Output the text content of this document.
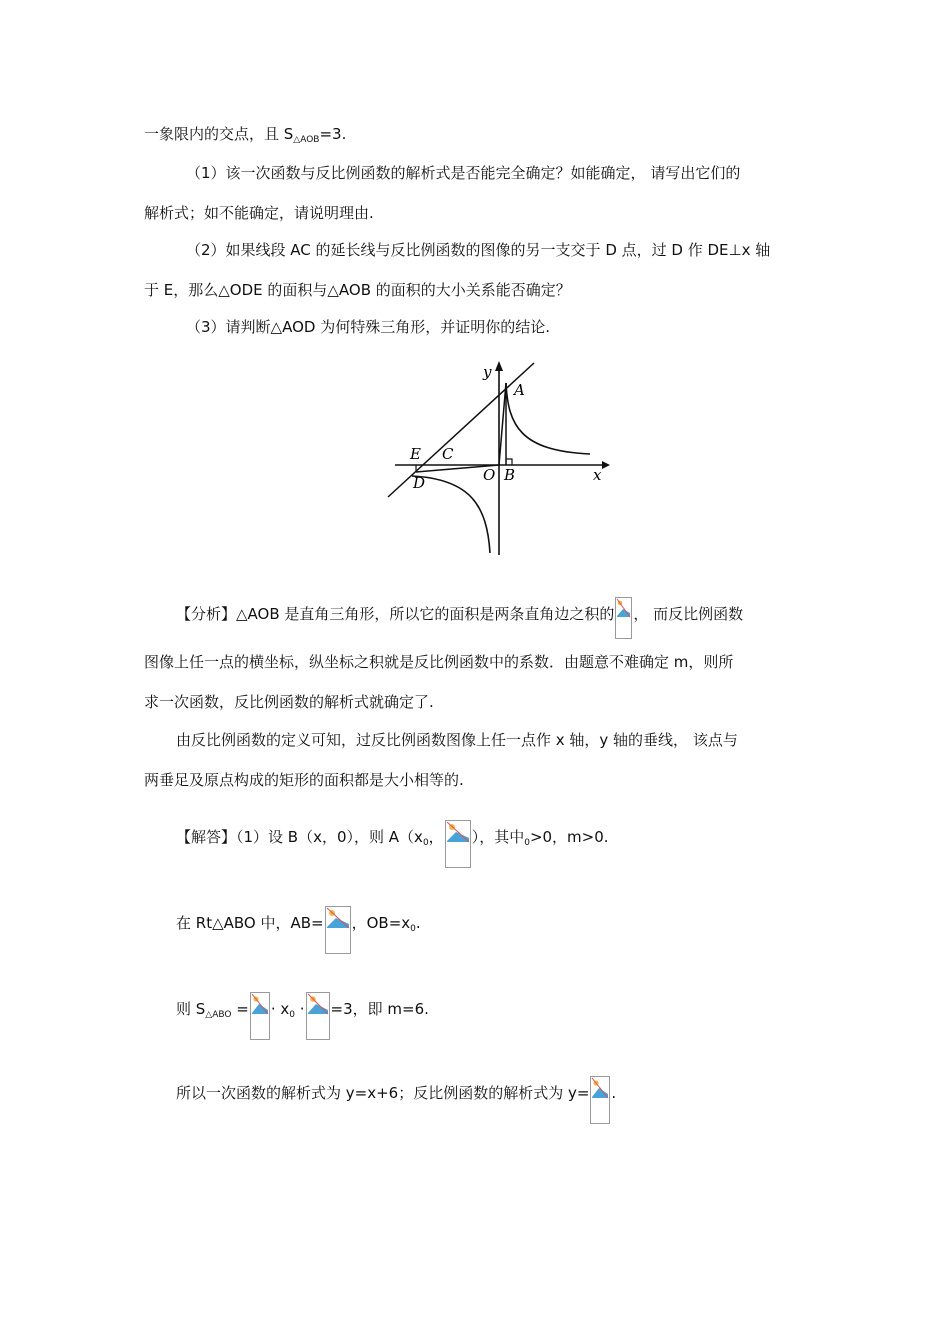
一象限内的交点，且 $S_{\triangle AOB}=3$.
（1）该一次函数与反比例函数的解析式是否能完全确定？如能确定， 请写出它们的
解析式；如不能确定，请说明理由.
（2）如果线段 AC 的延长线与反比例函数的图像的另一支交于 D 点，过 D 作 DE⊥x 轴
于 E，那么△ODE 的面积与△AOB 的面积的大小关系能否确定？
（3）请判断△AOD 为何特殊三角形，并证明你的结论.
y
A
E C
O B	x
D
【分析】△AOB 是直角三角形，所以它的面积是两条直角边之积的 ， 而反比例函数
图像上任一点的横坐标，纵坐标之积就是反比例函数中的系数．由题意不难确定 m，则所
求一次函数，反比例函数的解析式就确定了.
由反比例函数的定义可知，过反比例函数图像上任一点作 x 轴，y 轴的垂线， 该点与
两垂足及原点构成的矩形的面积都是大小相等的.
【解答】（1）设 B（x，0），则 $A(x_0$， ），其中$_0$>0，m>0.
在 Rt△ABO 中，AB= ，$OB=x_0$.
则 $S_{\triangle ABO}$ = · $x_0 \cdot =3$，即 m=6.
所以一次函数的解析式为 y=x+6；反比例函数的解析式为 y= .
